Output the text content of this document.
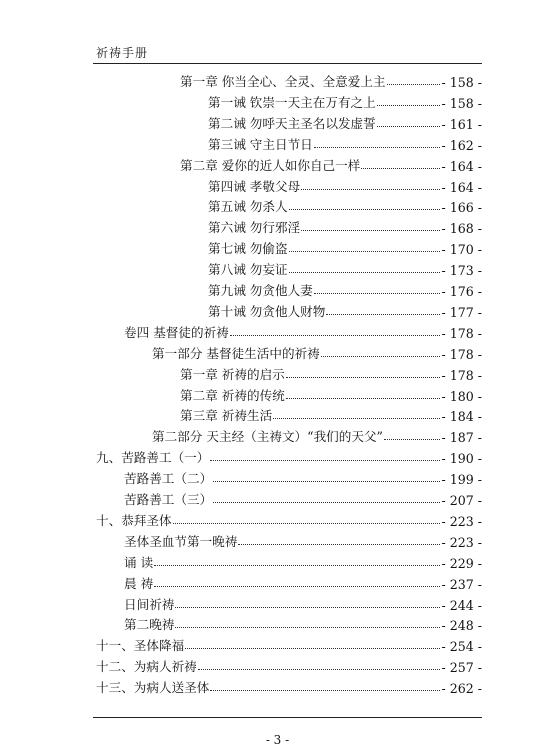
祈祷手册
第一章 你当全心、全灵、全意爱上主	- 158 -
第一诫 钦崇一天主在万有之上	- 158 -
第二诫 勿呼天主圣名以发虚誓	- 161 -
第三诫 守主日节日	- 162 -
第二章 爱你的近人如你自己一样	- 164 -
第四诫 孝敬父母	- 164 -
第五诫 勿杀人	- 166 -
第六诫 勿行邪淫	- 168 -
第七诫 勿偷盗	- 170 -
第八诫 勿妄证	- 173 -
第九诫 勿贪他人妻	- 176 -
第十诫 勿贪他人财物	- 177 -
卷四 基督徒的祈祷	- 178 -
第一部分 基督徒生活中的祈祷	- 178 -
第一章 祈祷的启示	- 178 -
第二章 祈祷的传统	- 180 -
第三章 祈祷生活	- 184 -
第二部分 天主经（主祷文）“我们的天父”	- 187 -
九、苦路善工（一）	- 190 -
苦路善工（二）	- 199 -
苦路善工（三）	- 207 -
十、恭拜圣体	- 223 -
圣体圣血节第一晚祷	- 223 -
诵 读	- 229 -
晨 祷	- 237 -
日间祈祷	- 244 -
第二晚祷	- 248 -
十一、圣体降福	- 254 -
十二、为病人祈祷	- 257 -
十三、为病人送圣体	- 262 -
- 3 -
